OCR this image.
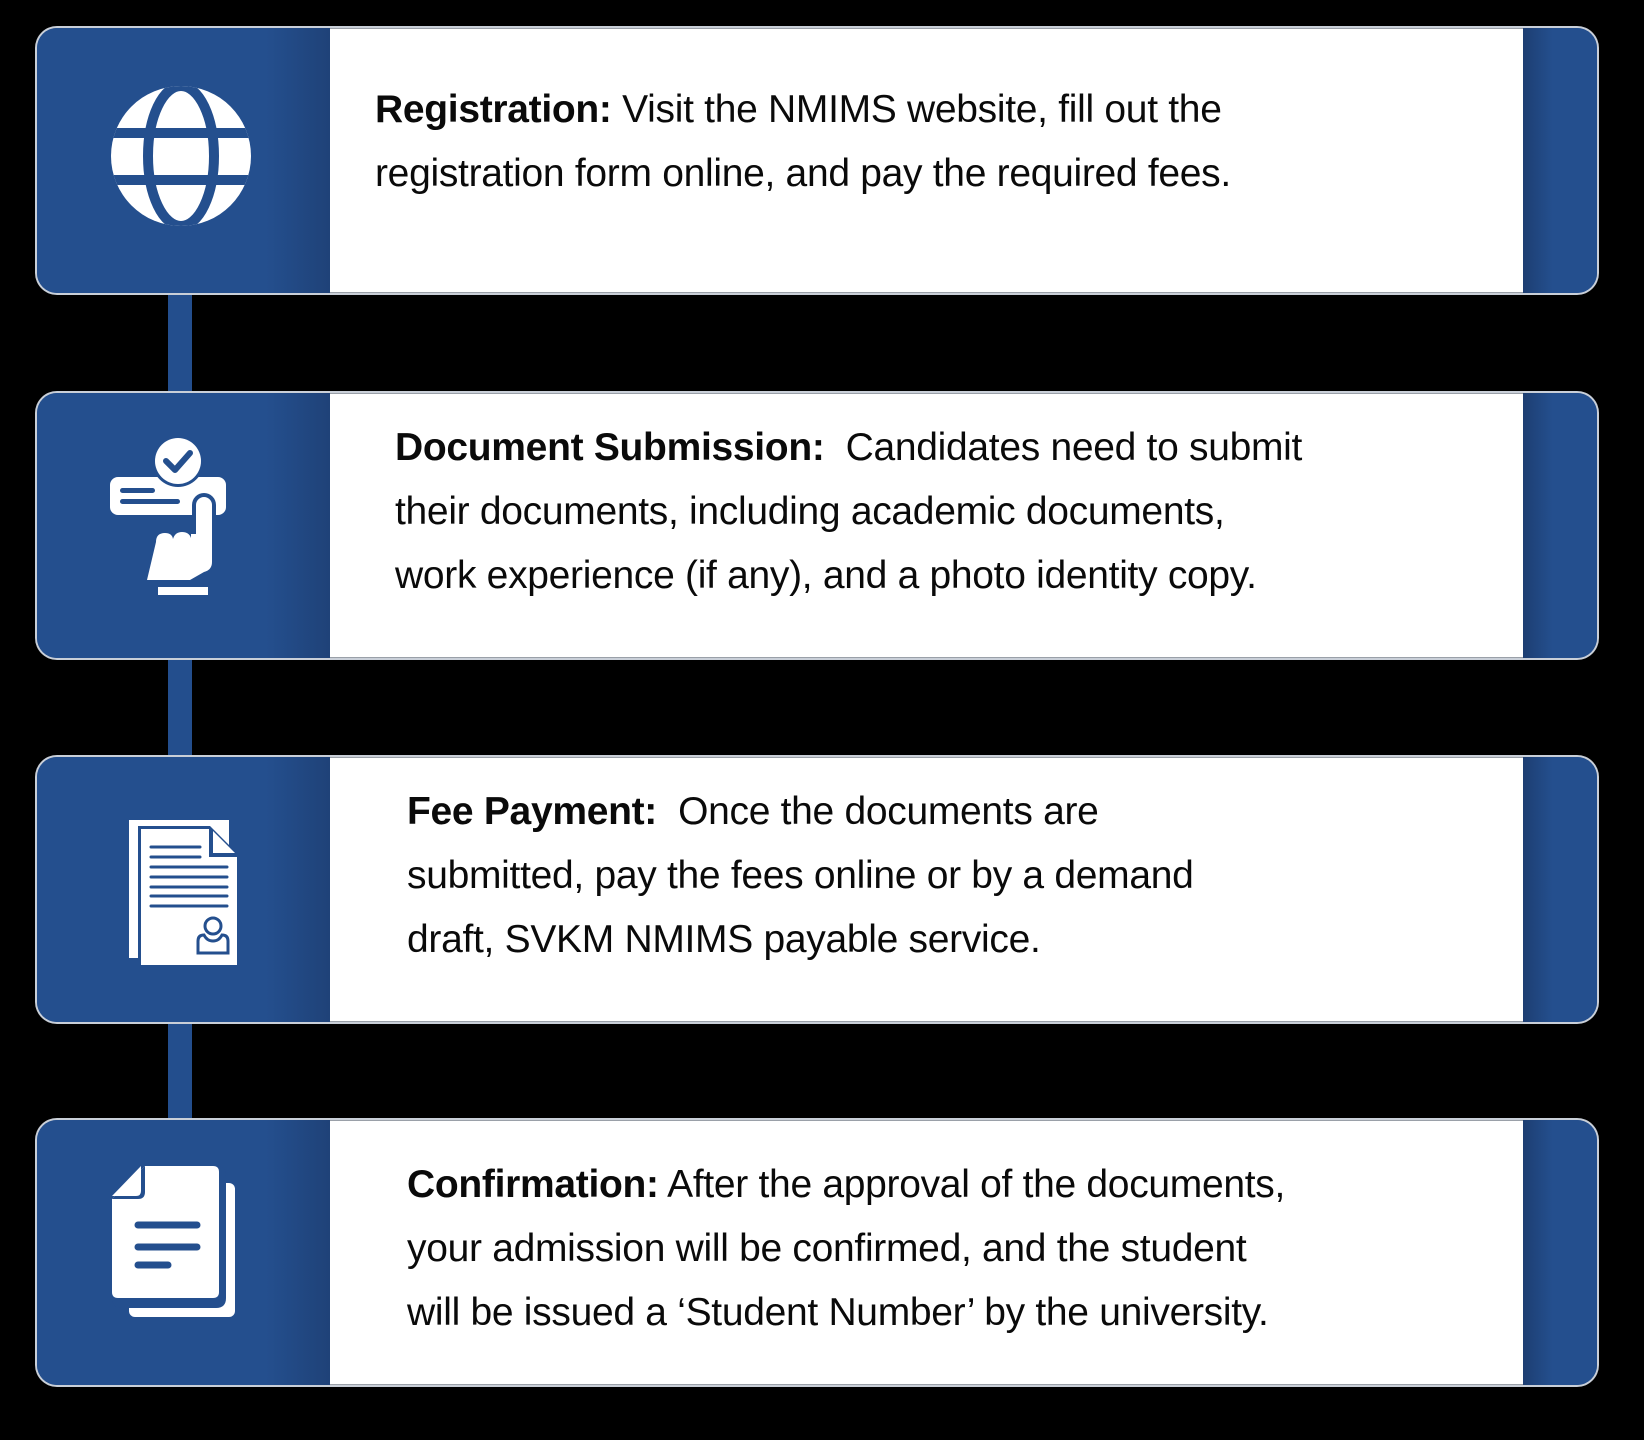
Registration: Visit the NMIMS website, fill out the
registration form online, and pay the required fees.
Document Submission:  Candidates need to submit
their documents, including academic documents,
work experience (if any), and a photo identity copy.
Fee Payment:  Once the documents are
submitted, pay the fees online or by a demand
draft, SVKM NMIMS payable service.
Confirmation: After the approval of the documents,
your admission will be confirmed, and the student
will be issued a ‘Student Number’ by the university.
